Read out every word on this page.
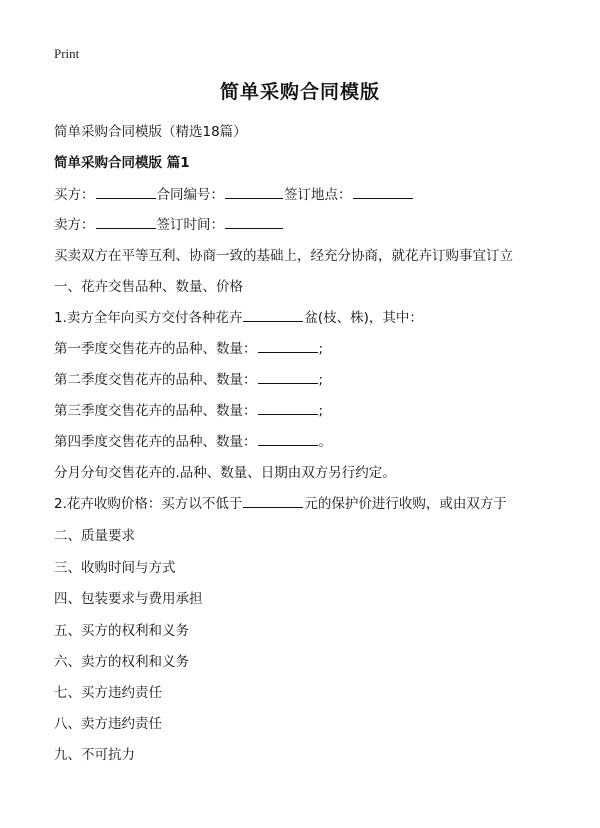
Print
简单采购合同模版
简单采购合同模版（精选18篇）
简单采购合同模版 篇1
买方：	合同编号：	签订地点：
卖方：	签订时间：
买卖双方在平等互利、协商一致的基础上，经充分协商，就花卉订购事宜订立
一、花卉交售品种、数量、价格
1.卖方全年向买方交付各种花卉	盆(枝、株)，其中：
第一季度交售花卉的品种、数量：	;
第二季度交售花卉的品种、数量：	;
第三季度交售花卉的品种、数量：	;
第四季度交售花卉的品种、数量：	。
分月分旬交售花卉的.品种、数量、日期由双方另行约定。
2.花卉收购价格：买方以不低于	元的保护价进行收购，或由双方于
二、质量要求
三、收购时间与方式
四、包装要求与费用承担
五、买方的权利和义务
六、卖方的权利和义务
七、买方违约责任
八、卖方违约责任
九、不可抗力
